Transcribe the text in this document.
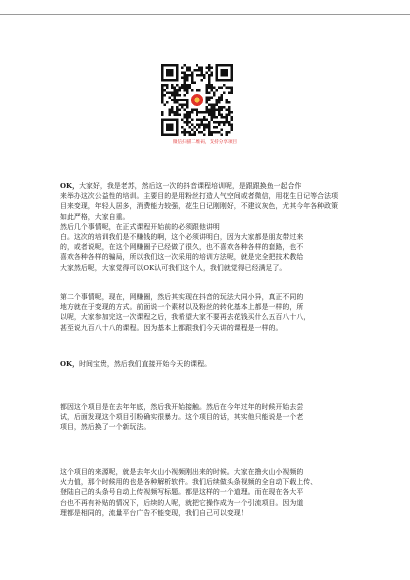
微信扫描二维码，支持分享项目
OK，大家好，我是老苏，然后这一次的抖音课程培训呢，是跟跟换鱼一起合作
来举办这次公益性的培训。主要目的是用粉丝打造人气空间或者微信，用花生日记等合法项
目来变现，年轻人居多，消费能力较强，花生日记刚刚好，不建议灰色，尤其今年各种政策
如此严格，大家自重。
然后几个事情呢，在正式课程开始前的必须跟他讲明
白。这次的培训我们是不赚钱的啊，这个必须讲明白，因为大家都是朋友带过来
的，或者说呢，在这个网赚圈子已经做了很久，也不喜欢各种各样的套路，也不
喜欢各种各样的骗局，所以我们这一次采用的培训方法呢，就是完全把技术教给
大家然后呢，大家觉得可以OK认可我们这个人，我们就觉得已经满足了。
第二个事情呢，现在，网赚圈，然后其实现在抖音的玩法大同小异，真正不同的
地方就在于变现的方式。前面说一个素材以及粉丝的转化基本上都是一样的，所
以呢，大家参加完这一次课程之后，我希望大家不要再去花钱买什么五百八十八，
甚至说九百八十八的课程。因为基本上都跟我们今天讲的课程是一样的。
OK，时间宝贵，然后我们直接开始今天的课程。
都因这个项目是在去年年底，然后我开始接触。然后在今年过年的时候开始去尝
试，后面发现这个项目引粉确实很暴力。这个项目的话，其实他只能说是一个老
项目，然后换了一个新玩法。
这个项目的来源呢，就是去年火山小视频刚出来的时候。大家在撸火山小视频的
火力值，那个时候用的也是各种解析软件。我们后续做头条视频的全自动下载上传、
登陆自己的头条号自动上传视频写标题。都是这样的一个道理。而在现在各大平
台也不再有补贴的情况下，后续的人呢，就把它操作成为一个引流项目。因为道
理都是相同的，流量平台广告不能变现，我们自己可以变现！
